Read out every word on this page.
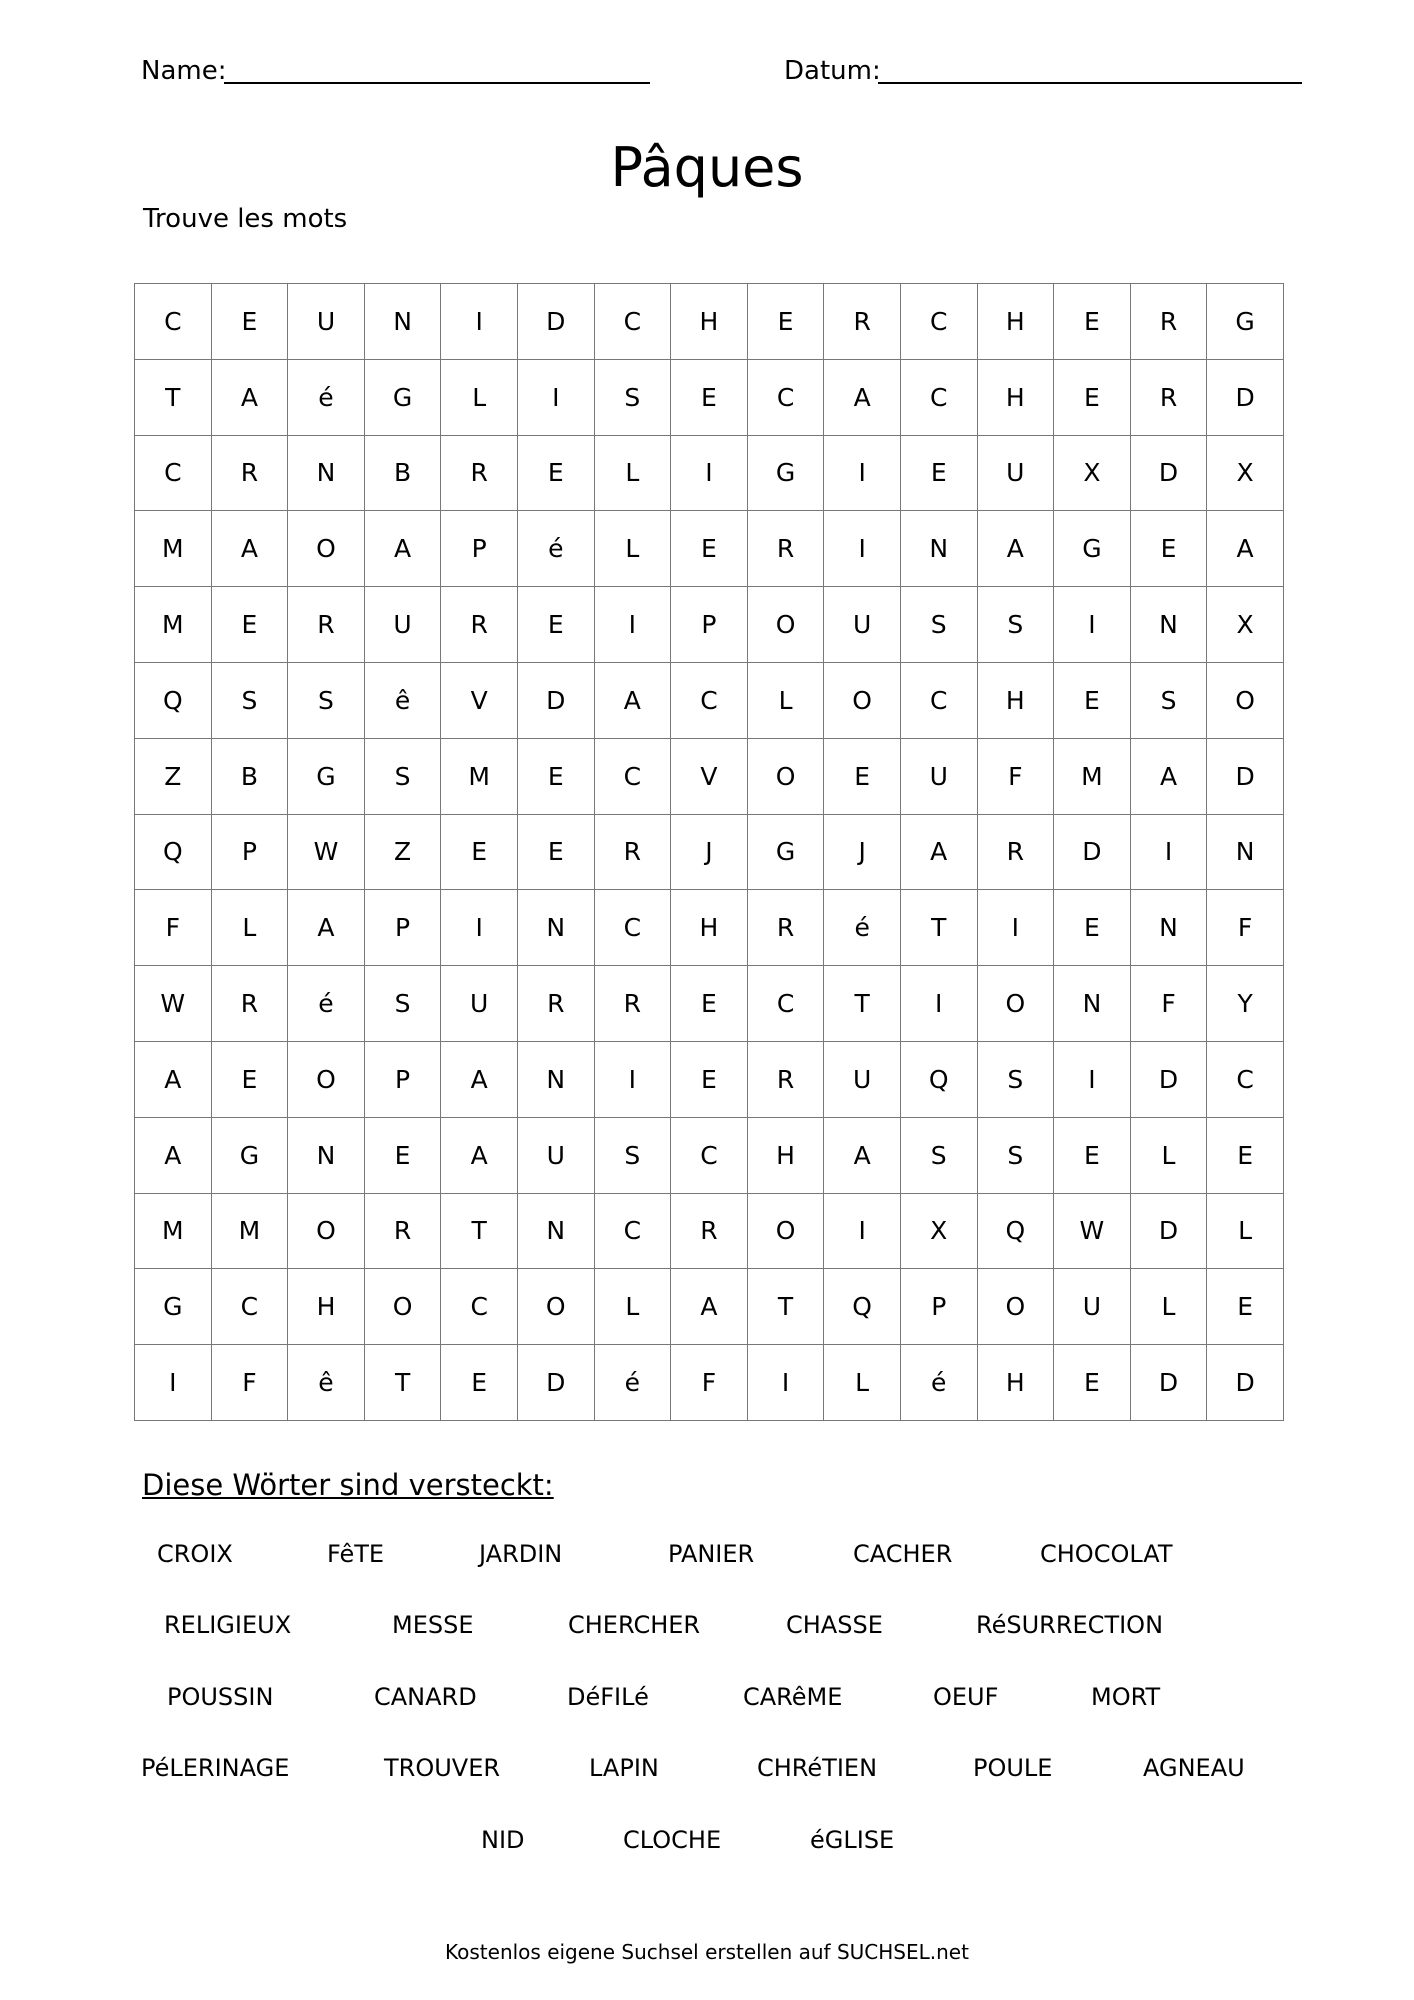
Name:	Datum:
Pâques
Trouve les mots
C	E	U	N	I	D	C	H	E	R	C	H	E	R	G
T	A	é	G	L	I	S	E	C	A	C	H	E	R	D
C	R	N	B	R	E	L	I	G	I	E	U	X	D	X
M	A	O	A	P	é	L	E	R	I	N	A	G	E	A
M	E	R	U	R	E	I	P	O	U	S	S	I	N	X
Q	S	S	ê	V	D	A	C	L	O	C	H	E	S	O
Z	B	G	S	M	E	C	V	O	E	U	F	M	A	D
Q	P	W	Z	E	E	R	J	G	J	A	R	D	I	N
F	L	A	P	I	N	C	H	R	é	T	I	E	N	F
W	R	é	S	U	R	R	E	C	T	I	O	N	F	Y
A	E	O	P	A	N	I	E	R	U	Q	S	I	D	C
A	G	N	E	A	U	S	C	H	A	S	S	E	L	E
M	M	O	R	T	N	C	R	O	I	X	Q	W	D	L
G	C	H	O	C	O	L	A	T	Q	P	O	U	L	E
I	F	ê	T	E	D	é	F	I	L	é	H	E	D	D
Diese Wörter sind versteckt:
CROIX	FêTE	JARDIN	PANIER	CACHER	CHOCOLAT
RELIGIEUX	MESSE	CHERCHER	CHASSE	RéSURRECTION
POUSSIN	CANARD	DéFILé	CARêME	OEUF	MORT
PéLERINAGE	TROUVER	LAPIN	CHRéTIEN	POULE	AGNEAU
NID	CLOCHE	éGLISE
Kostenlos eigene Suchsel erstellen auf SUCHSEL.net
